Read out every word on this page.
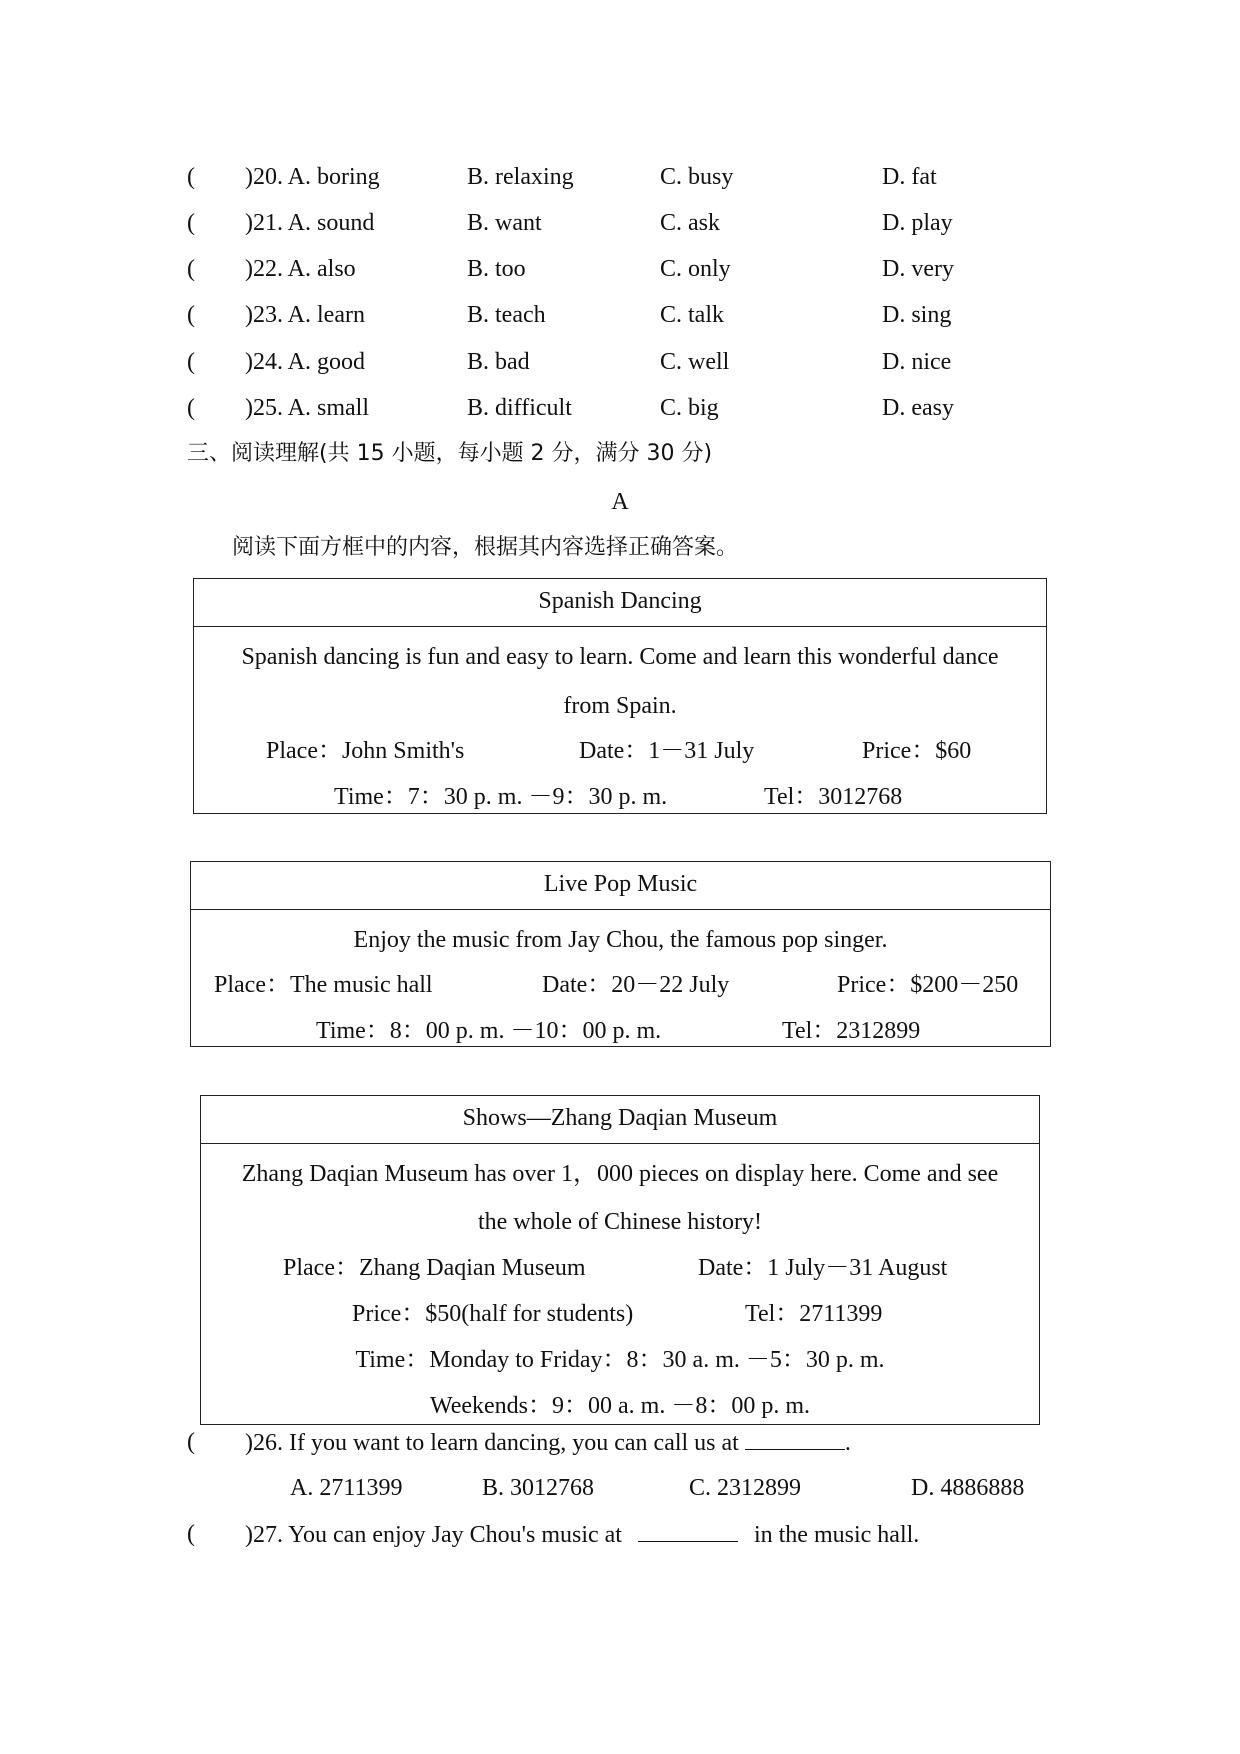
( )20. A. boring	B. relaxing	C. busy	D. fat
( )21. A. sound	B. want	C. ask	D. play
( )22. A. also	B. too	C. only	D. very
( )23. A. learn	B. teach	C. talk	D. sing
( )24. A. good	B. bad	C. well	D. nice
( )25. A. small	B. difficult	C. big	D. easy
三、阅读理解(共 15 小题，每小题 2 分，满分 30 分)
A
阅读下面方框中的内容，根据其内容选择正确答案。
Spanish Dancing
Spanish dancing is fun and easy to learn. Come and learn this wonderful dance
from Spain.
Place：John Smith's	Date：1－31 July	Price：$60
Time：7：30 p. m. －9：30 p. m.	Tel：3012768
Live Pop Music
Enjoy the music from Jay Chou, the famous pop singer.
Place：The music hall	Date：20－22 July	Price：$200－250
Time：8：00 p. m. －10：00 p. m.	Tel：2312899
Shows—Zhang Daqian Museum
Zhang Daqian Museum has over 1，000 pieces on display here. Come and see
the whole of Chinese history!
Place：Zhang Daqian Museum	Date：1 July－31 August
Price：$50(half for students)	Tel：2711399
Time：Monday to Friday：8：30 a. m. －5：30 p. m.
Weekends：9：00 a. m. －8：00 p. m.
( )26. If you want to learn dancing, you can call us at	.
A. 2711399	B. 3012768	C. 2312899	D. 4886888
( )27. You can enjoy Jay Chou's music at	in the music hall.
